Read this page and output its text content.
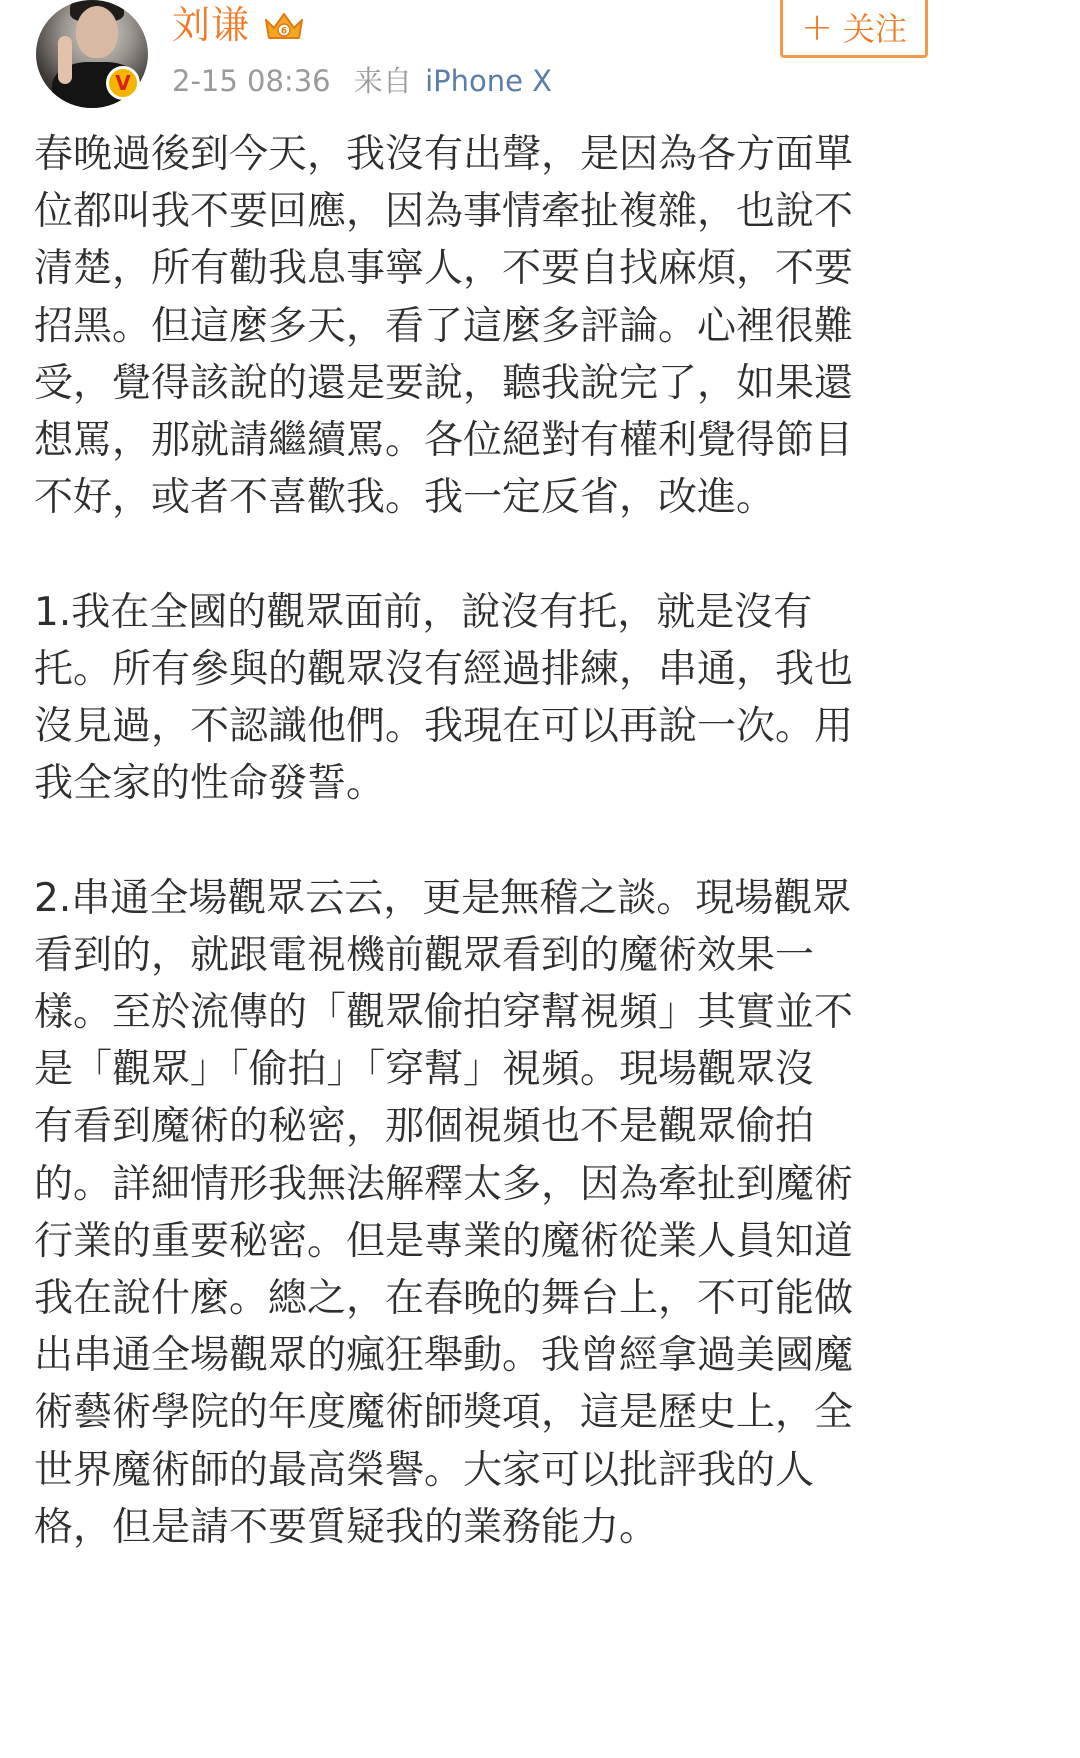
V
刘谦	6
2-15 08:36 来自 iPhone X
+ 关注

春晚過後到今天，我沒有出聲，是因為各方面單
位都叫我不要回應，因為事情牽扯複雜，也說不
清楚，所有勸我息事寧人，不要自找麻煩，不要
招黑。但這麼多天，看了這麼多評論。心裡很難
受，覺得該說的還是要說，聽我說完了，如果還
想罵，那就請繼續罵。各位絕對有權利覺得節目
不好，或者不喜歡我。我一定反省，改進。

1.我在全國的觀眾面前，說沒有托，就是沒有
托。所有參與的觀眾沒有經過排練，串通，我也
沒見過，不認識他們。我現在可以再說一次。用
我全家的性命發誓。

2.串通全場觀眾云云，更是無稽之談。現場觀眾
看到的，就跟電視機前觀眾看到的魔術效果一
樣。至於流傳的「觀眾偷拍穿幫視頻」其實並不
是「觀眾」「偷拍」「穿幫」視頻。現場觀眾沒
有看到魔術的秘密，那個視頻也不是觀眾偷拍
的。詳細情形我無法解釋太多，因為牽扯到魔術
行業的重要秘密。但是專業的魔術從業人員知道
我在說什麼。總之，在春晚的舞台上，不可能做
出串通全場觀眾的瘋狂舉動。我曾經拿過美國魔
術藝術學院的年度魔術師獎項，這是歷史上，全
世界魔術師的最高榮譽。大家可以批評我的人
格，但是請不要質疑我的業務能力。
